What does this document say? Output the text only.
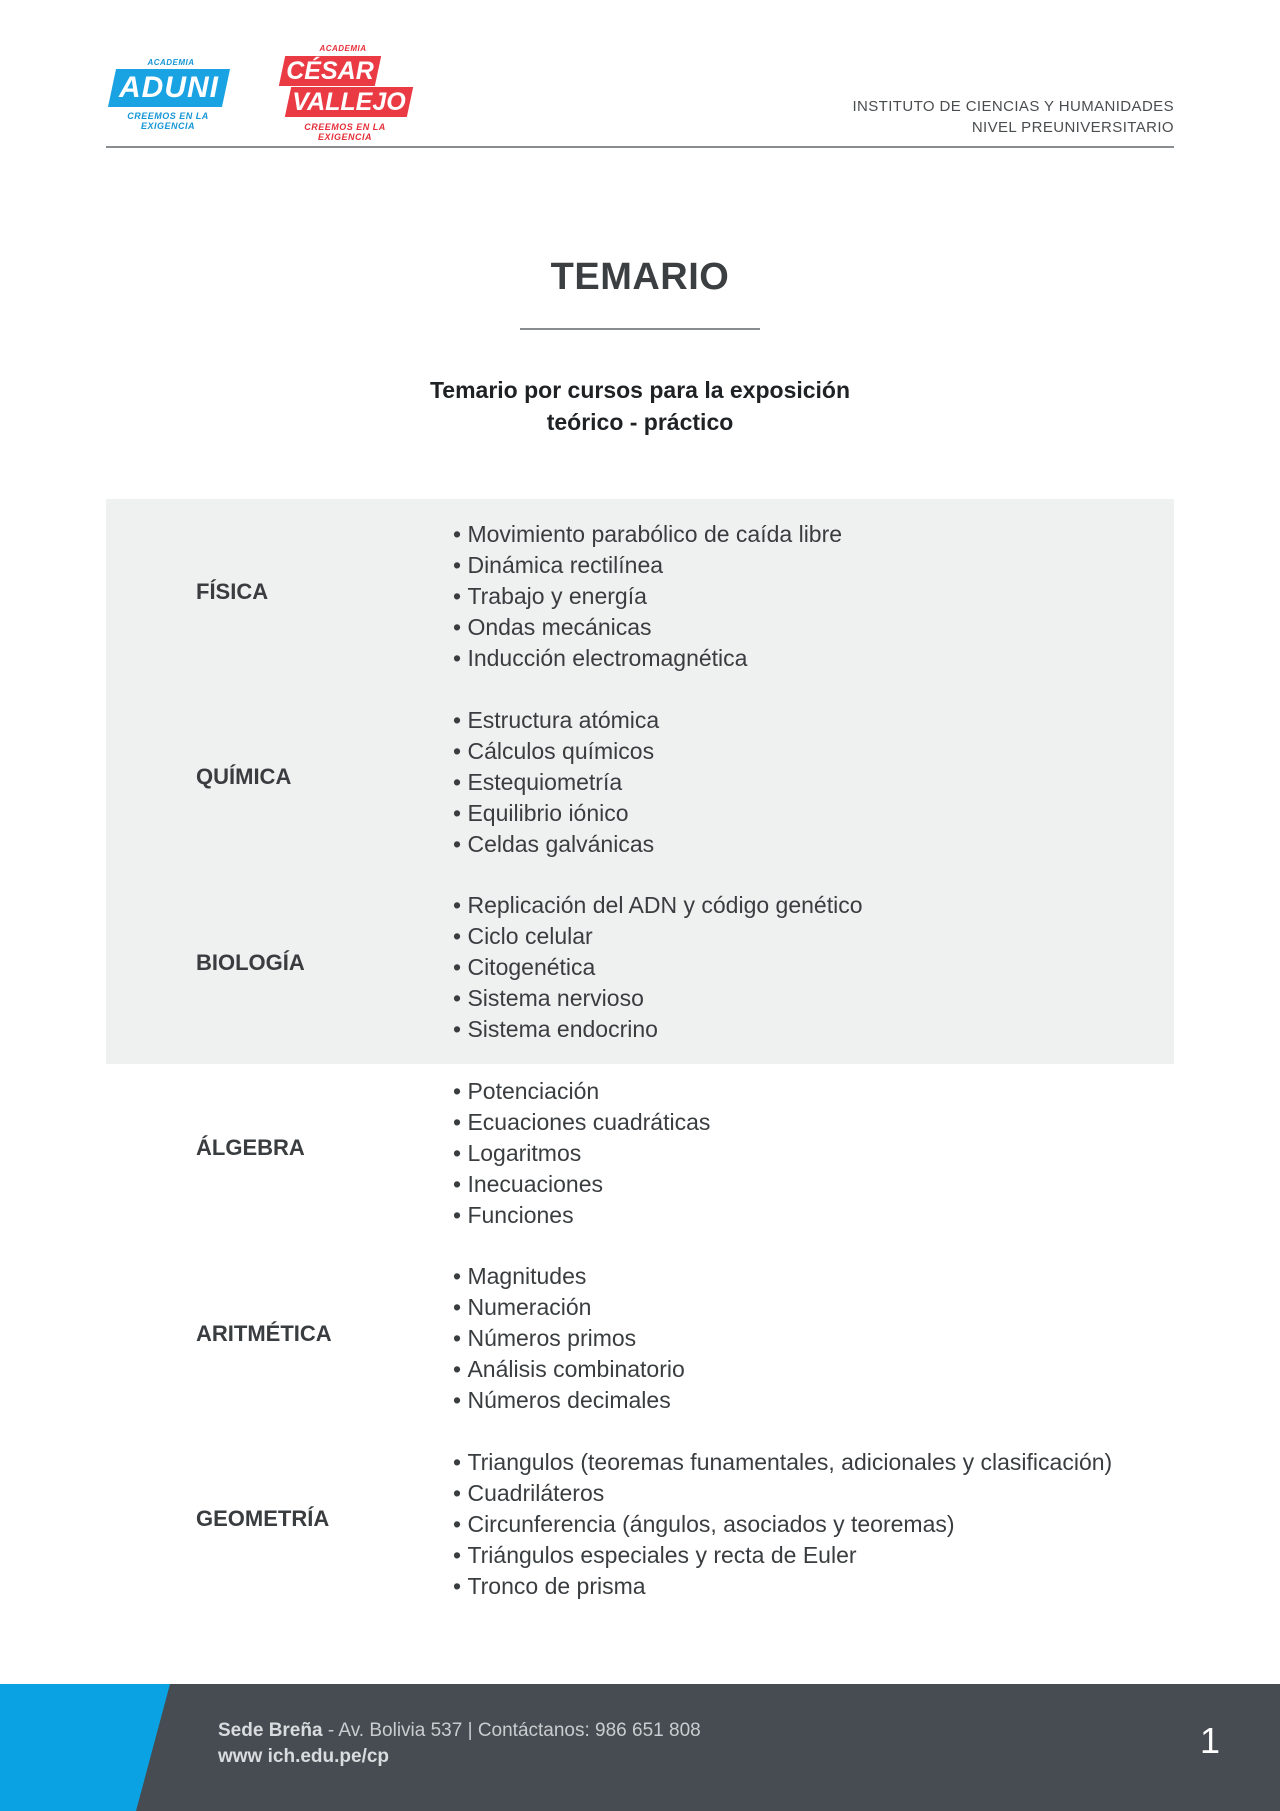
ACADEMIA
ADUNI
CREEMOS EN LA EXIGENCIA
ACADEMIA
CÉSAR
VALLEJO
CREEMOS EN LA EXIGENCIA
INSTITUTO DE CIENCIAS Y HUMANIDADES
NIVEL PREUNIVERSITARIO
TEMARIO
Temario por cursos para la exposición
teórico - práctico
FÍSICA
• Movimiento parabólico de caída libre
• Dinámica rectilínea
• Trabajo y energía
• Ondas mecánicas
• Inducción electromagnética
QUÍMICA
• Estructura atómica
• Cálculos químicos
• Estequiometría
• Equilibrio iónico
• Celdas galvánicas
BIOLOGÍA
• Replicación del ADN y código genético
• Ciclo celular
• Citogenética
• Sistema nervioso
• Sistema endocrino
ÁLGEBRA
• Potenciación
• Ecuaciones cuadráticas
• Logaritmos
• Inecuaciones
• Funciones
ARITMÉTICA
• Magnitudes
• Numeración
• Números primos
• Análisis combinatorio
• Números decimales
GEOMETRÍA
• Triangulos (teoremas funamentales, adicionales y clasificación)
• Cuadriláteros
• Circunferencia (ángulos, asociados y teoremas)
• Triángulos especiales y recta de Euler
• Tronco de prisma
Sede Breña - Av. Bolivia 537 | Contáctanos: 986 651 808
www ich.edu.pe/cp	1
